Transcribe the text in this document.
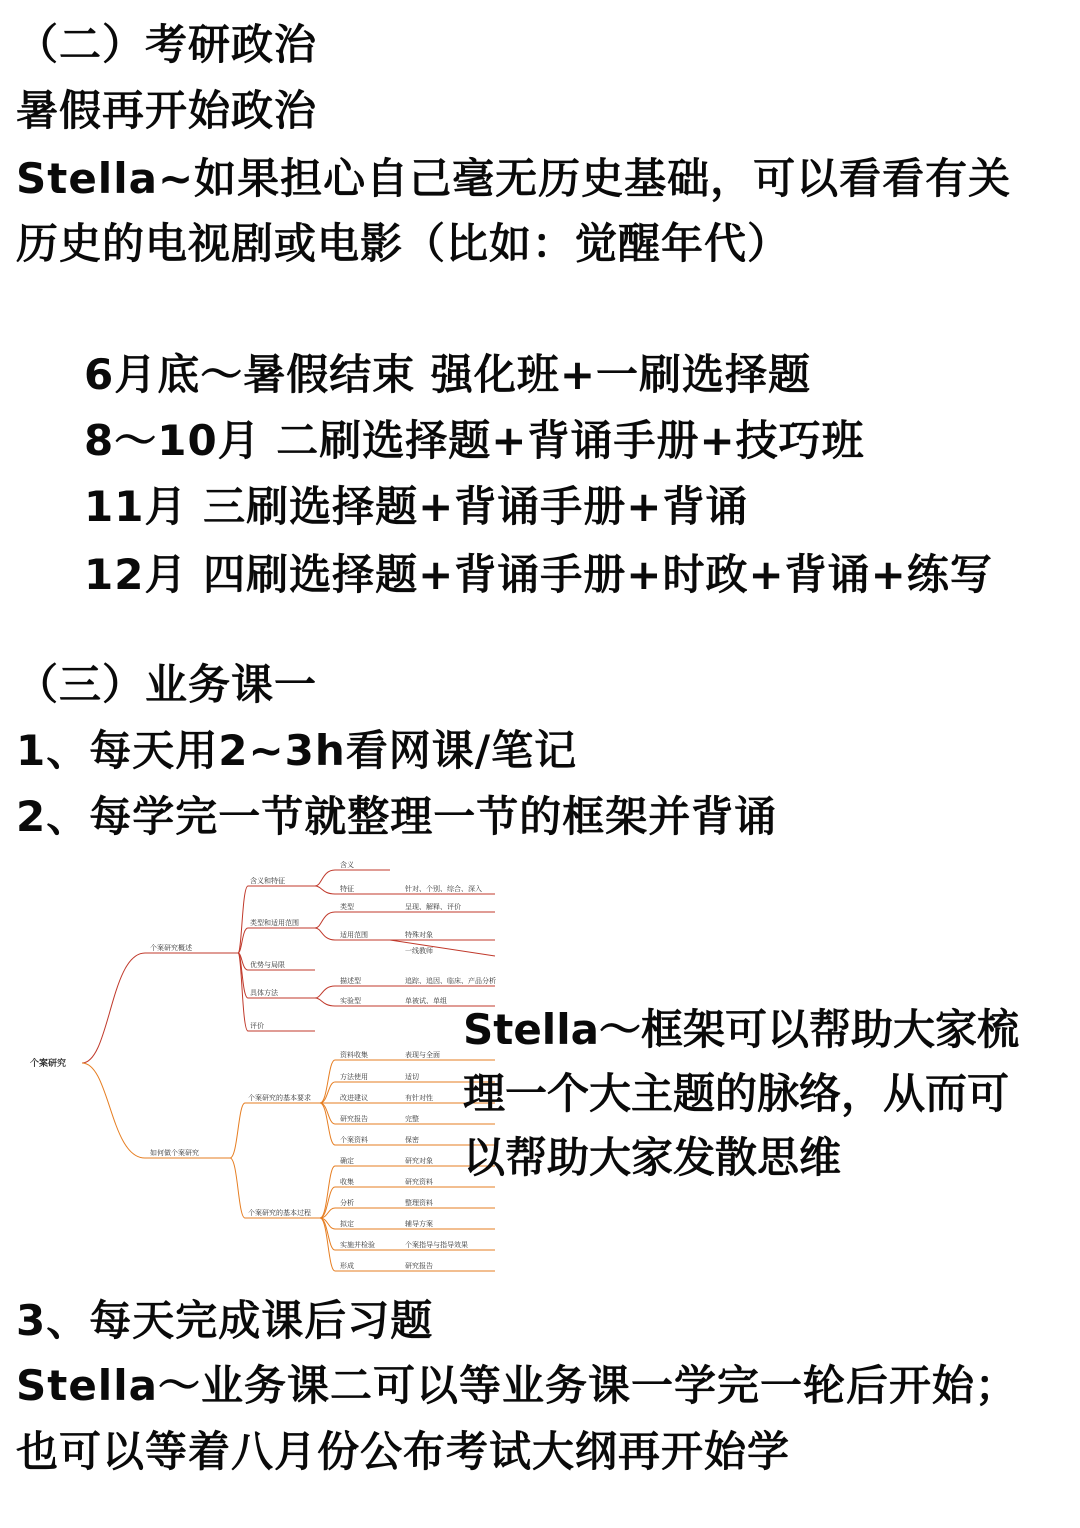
（二）考研政治
暑假再开始政治
Stella~如果担心自己毫无历史基础，可以看看有关
历史的电视剧或电影（比如：觉醒年代）
6月底～暑假结束 强化班+一刷选择题
8～10月 二刷选择题+背诵手册+技巧班
11月 三刷选择题+背诵手册+背诵
12月 四刷选择题+背诵手册+时政+背诵+练写
（三）业务课一
1、每天用2~3h看网课/笔记
2、每学完一节就整理一节的框架并背诵
个案研究
个案研究概述
如何做个案研究
含义和特征
类型和适用范围
优势与局限
具体方法
评价
含义
特征
类型
适用范围
描述型
实验型
针对、个别、综合、深入
呈现、解释、评价
特殊对象
一线教师
追踪、追因、临床、产品分析
单被试、单组
个案研究的基本要求
个案研究的基本过程
资料收集
方法使用
改进建议
研究报告
个案资料
确定
收集
分析
拟定
实施并检验
形成
表现与全面
适切
有针对性
完整
保密
研究对象
研究资料
整理资料
辅导方案
个案指导与指导效果
研究报告
Stella～框架可以帮助大家梳
理一个大主题的脉络，从而可
以帮助大家发散思维
3、每天完成课后习题
Stella～业务课二可以等业务课一学完一轮后开始；
也可以等着八月份公布考试大纲再开始学
